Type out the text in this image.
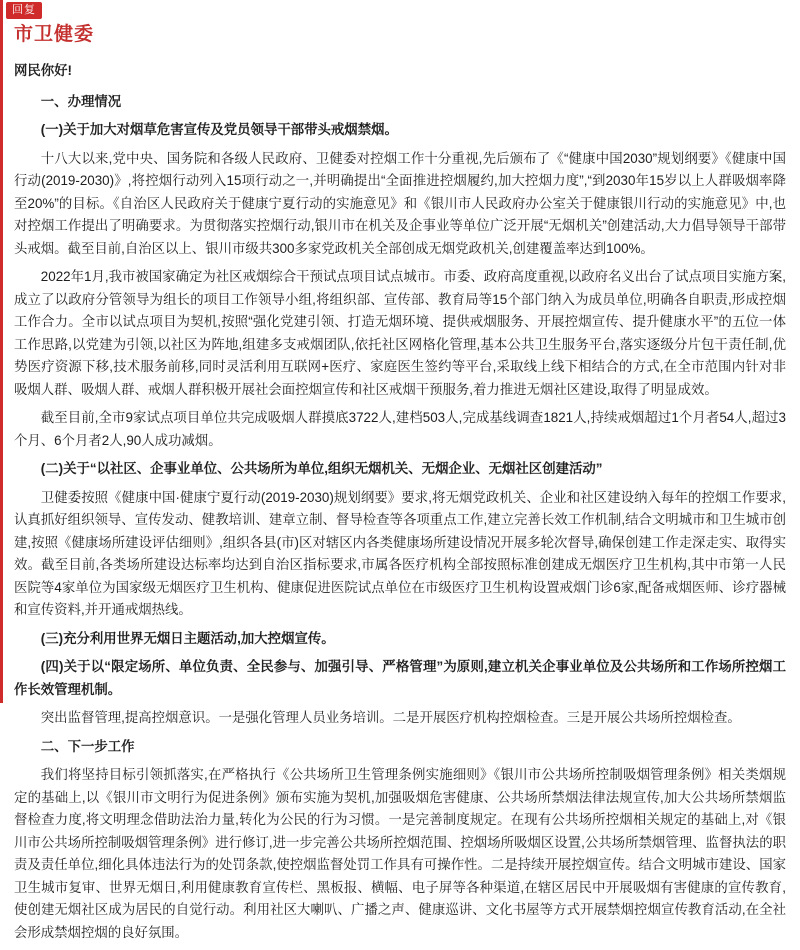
回复
市卫健委

网民你好!

一、办理情况

(一)关于加大对烟草危害宣传及党员领导干部带头戒烟禁烟。

十八大以来,党中央、国务院和各级人民政府、卫健委对控烟工作十分重视,先后颁布了《“健康中国2030”规划纲要》《健康中国行动(2019-2030)》,将控烟行动列入15项行动之一,并明确提出“全面推进控烟履约,加大控烟力度”,“到2030年15岁以上人群吸烟率降至20%”的目标。《自治区人民政府关于健康宁夏行动的实施意见》和《银川市人民政府办公室关于健康银川行动的实施意见》中,也对控烟工作提出了明确要求。为贯彻落实控烟行动,银川市在机关及企事业等单位广泛开展“无烟机关”创建活动,大力倡导领导干部带头戒烟。截至目前,自治区以上、银川市级共300多家党政机关全部创成无烟党政机关,创建覆盖率达到100%。

2022年1月,我市被国家确定为社区戒烟综合干预试点项目试点城市。市委、政府高度重视,以政府名义出台了试点项目实施方案,成立了以政府分管领导为组长的项目工作领导小组,将组织部、宣传部、教育局等15个部门纳入为成员单位,明确各自职责,形成控烟工作合力。全市以试点项目为契机,按照“强化党建引领、打造无烟环境、提供戒烟服务、开展控烟宣传、提升健康水平”的五位一体工作思路,以党建为引领,以社区为阵地,组建多支戒烟团队,依托社区网格化管理,基本公共卫生服务平台,落实逐级分片包干责任制,优势医疗资源下移,技术服务前移,同时灵活利用互联网+医疗、家庭医生签约等平台,采取线上线下相结合的方式,在全市范围内针对非吸烟人群、吸烟人群、戒烟人群积极开展社会面控烟宣传和社区戒烟干预服务,着力推进无烟社区建设,取得了明显成效。

截至目前,全市9家试点项目单位共完成吸烟人群摸底3722人,建档503人,完成基线调查1821人,持续戒烟超过1个月者54人,超过3个月、6个月者2人,90人成功减烟。

(二)关于“以社区、企事业单位、公共场所为单位,组织无烟机关、无烟企业、无烟社区创建活动”

卫健委按照《健康中国·健康宁夏行动(2019-2030)规划纲要》要求,将无烟党政机关、企业和社区建设纳入每年的控烟工作要求,认真抓好组织领导、宣传发动、健教培训、建章立制、督导检查等各项重点工作,建立完善长效工作机制,结合文明城市和卫生城市创建,按照《健康场所建设评估细则》,组织各县(市)区对辖区内各类健康场所建设情况开展多轮次督导,确保创建工作走深走实、取得实效。截至目前,各类场所建设达标率均达到自治区指标要求,市属各医疗机构全部按照标准创建成无烟医疗卫生机构,其中市第一人民医院等4家单位为国家级无烟医疗卫生机构、健康促进医院试点单位在市级医疗卫生机构设置戒烟门诊6家,配备戒烟医师、诊疗器械和宣传资料,并开通戒烟热线。

(三)充分利用世界无烟日主题活动,加大控烟宣传。

(四)关于以“限定场所、单位负责、全民参与、加强引导、严格管理”为原则,建立机关企事业单位及公共场所和工作场所控烟工作长效管理机制。

突出监督管理,提高控烟意识。一是强化管理人员业务培训。二是开展医疗机构控烟检查。三是开展公共场所控烟检查。

二、下一步工作

我们将坚持目标引领抓落实,在严格执行《公共场所卫生管理条例实施细则》《银川市公共场所控制吸烟管理条例》相关类烟规定的基础上,以《银川市文明行为促进条例》颁布实施为契机,加强吸烟危害健康、公共场所禁烟法律法规宣传,加大公共场所禁烟监督检查力度,将文明理念借助法治力量,转化为公民的行为习惯。一是完善制度规定。在现有公共场所控烟相关规定的基础上,对《银川市公共场所控制吸烟管理条例》进行修订,进一步完善公共场所控烟范围、控烟场所吸烟区设置,公共场所禁烟管理、监督执法的职责及责任单位,细化具体违法行为的处罚条款,使控烟监督处罚工作具有可操作性。二是持续开展控烟宣传。结合文明城市建设、国家卫生城市复审、世界无烟日,利用健康教育宣传栏、黑板报、横幅、电子屏等各种渠道,在辖区居民中开展吸烟有害健康的宣传教育,使创建无烟社区成为居民的自觉行动。利用社区大喇叭、广播之声、健康巡讲、文化书屋等方式开展禁烟控烟宣传教育活动,在全社会形成禁烟控烟的良好氛围。
